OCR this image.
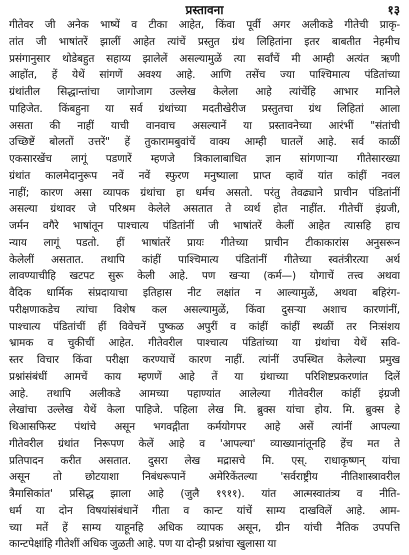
प्रस्तावना	१३
गीतेवर जी अनेक भाष्यें व टीका आहेत, किंवा पूर्वी अगर अलीकडे गीतेची प्राकृ-
तांत जी भाषांतरें झालीं आहेत त्यांचें प्रस्तुत ग्रंथ लिहितांना इतर बाबतीत नेहमीच
प्रसंगानुसार थोडेबहुत सहाय्य झालेलें असल्यामुळें त्या सर्वांचें मी आम्ही अत्यंत ऋणी
आहोंत, हें येथें सांगणें अवश्य आहे. आणि तसेंच ज्या पाश्चिमात्य पंडितांच्या
ग्रंथांतील सिद्धान्तांचा जागोजाग उल्लेख केलेला आहे त्यांचेंहि आभार मानिले
पाहिजेत. किंबहुना या सर्व ग्रंथांच्या मदतीखेरीज प्रस्तुतचा ग्रंथ लिहितां आला
असता की नाहीं याची वानवाच असल्यानें या प्रस्तावनेच्या आरंभीं "संतांची
उच्छिष्टें बोलतों उत्तरें" हें तुकारामबुवांचें वाक्य आम्ही घातलें आहे. सर्व काळीं
एकसारखेंच लागूं पडणारें म्हणजे त्रिकालाबाधित ज्ञान सांगणाऱ्या गीतेसारख्या
ग्रंथांत कालमेदानुरूप नवें नवें स्फुरण मनुष्याला प्राप्त व्हावें यांत कांहीं नवल
नाहीं; कारण असा व्यापक ग्रंथांचा हा धर्मच असतो. परंतु तेवढ्याने प्राचीन पंडितांनीं
असल्या ग्रंथावर जे परिश्रम केलेले असतात ते व्यर्थ होत नाहींत. गीतेचीं इंग्रजी,
जर्मन वगैरे भाषांतून पाश्चात्य पंडितांनीं जी भाषांतरें केलीं आहेत त्यासहि हाच
न्याय लागूं पडतो. हीं भाषांतरें प्रायः गीतेच्या प्राचीन टीकाकारांस अनुसरून
केलेलीं असतात. तथापि कांहीं पाश्चिमात्य पंडितांनीं गीतेच्या स्वतंत्रीरत्या अर्थ
लावण्याचीहि खटपट सुरू केली आहे. पण खऱ्या (कर्म—) योगाचें तत्त्व अथवा
वैदिक धार्मिक संप्रदायाचा इतिहास नीट लक्षांत न आल्यामुळें, अथवा बहिरंग-
परीक्षणाकडेच त्यांचा विशेष कल असल्यामुळें, किंवा दुसऱ्या अशाच कारणांनीं,
पाश्चात्य पंडितांचीं हीं विवेचनें पुष्कळ अपुरीं व कांहीं कांहीं स्थळीं तर निःसंशय
भ्रामक व चुकीचीं आहेत. गीतेवरील पाश्चात्य पंडितांच्या या ग्रंथांचा येथें सवि-
स्तर विचार किंवा परीक्षा करण्याचें कारण नाहीं. त्यांनीं उपस्थित केलेल्या प्रमुख
प्रश्नांसंबंधीं आमचें काय म्हणणें आहे तें या ग्रंथाच्या परिशिष्टप्रकरणांत दिलें
आहे. तथापि अलीकडे आमच्या पहाण्यांत आलेल्या गीतेवरील कांहीं इंग्रजी
लेखांचा उल्लेख येथें केला पाहिजे. पहिला लेख मि. ब्रुक्स यांचा होय. मि. ब्रुक्स हे
थिआसफिस्ट पंथांचे असून भगवद्गीता कर्मयोगपर आहे असें त्यांनीं आपल्या
गीतेवरील ग्रंथांत निरूपण केलें आहे व 'आपल्या' व्याख्यानांतूनहि हेंच मत ते
प्रतिपादन करीत असतात. दुसरा लेख मद्रासचे मि. एस्. राधाकृष्णन् यांचा
असून तो छोटयाशा निबंधरूपानें अमेरिकेंतल्या 'सर्वराष्ट्रीय नीतिशास्त्रावरील
त्रैमासिकांत' प्रसिद्ध झाला आहे (जुलै १९११). यांत आत्मस्वातंत्र्य व नीति-
धर्म या दोन विषयांसंबंधानें गीता व कान्ट यांचें साम्य दाखविलें आहे. आम-
च्या मतें हें साम्य याहूनहि अधिक व्यापक असून, ग्रीन यांची नैतिक उपपत्ति
कान्टपेक्षांहि गीतेशीं अधिक जुळती आहे. पण या दोन्ही प्रश्नांचा खुलासा या
